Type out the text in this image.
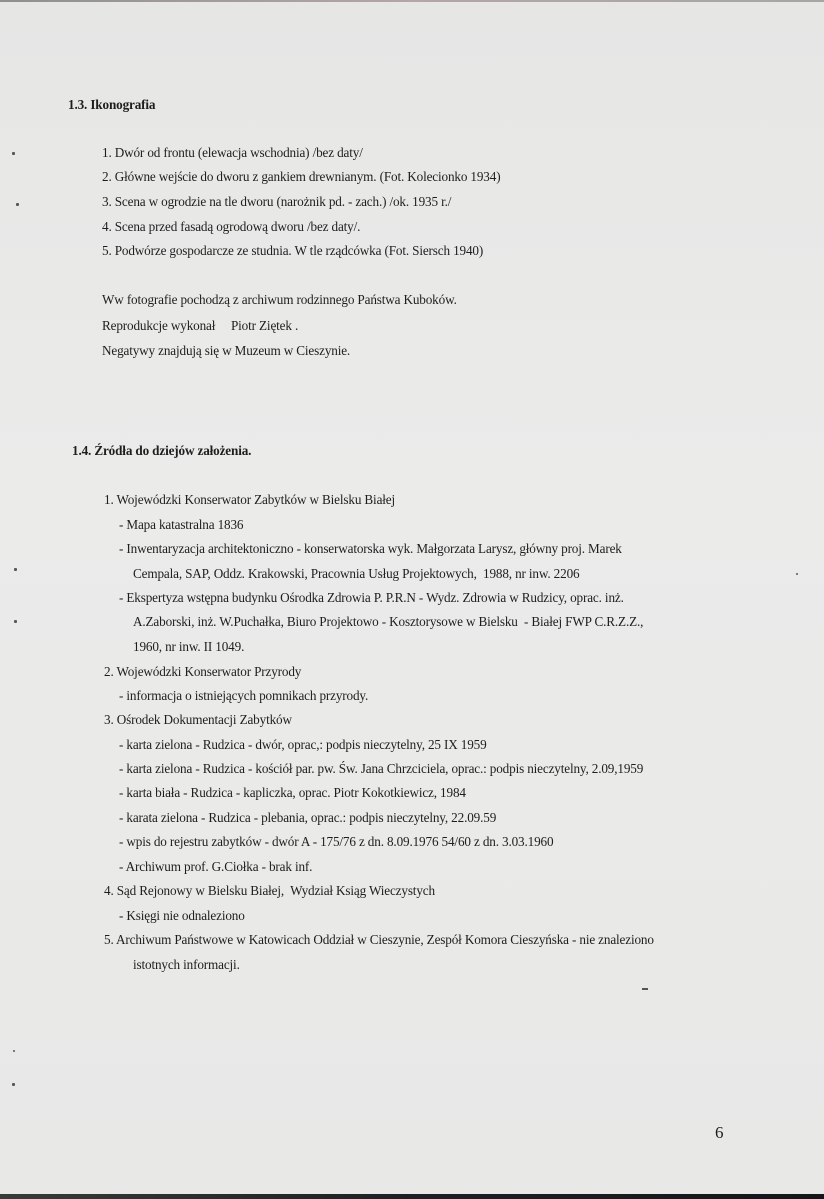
1.3. Ikonografia
1. Dwór od frontu (elewacja wschodnia) /bez daty/
2. Główne wejście do dworu z gankiem drewnianym. (Fot. Kolecionko 1934)
3. Scena w ogrodzie na tle dworu (narożnik pd. - zach.) /ok. 1935 r./
4. Scena przed fasadą ogrodową dworu /bez daty/.
5. Podwórze gospodarcze ze studnia. W tle rządcówka (Fot. Siersch 1940)
Ww fotografie pochodzą z archiwum rodzinnego Państwa Kuboków.
Reprodukcje wykonał     Piotr Ziętek .
Negatywy znajdują się w Muzeum w Cieszynie.
1.4. Źródła do dziejów założenia.
1. Wojewódzki Konserwator Zabytków w Bielsku Białej
- Mapa katastralna 1836
- Inwentaryzacja architektoniczno - konserwatorska wyk. Małgorzata Larysz, główny proj. Marek
Cempala, SAP, Oddz. Krakowski, Pracownia Usług Projektowych,  1988, nr inw. 2206
- Ekspertyza wstępna budynku Ośrodka Zdrowia P. P.R.N - Wydz. Zdrowia w Rudzicy, oprac. inż.
A.Zaborski, inż. W.Puchałka, Biuro Projektowo - Kosztorysowe w Bielsku  - Białej FWP C.R.Z.Z.,
1960, nr inw. II 1049.
2. Wojewódzki Konserwator Przyrody
- informacja o istniejących pomnikach przyrody.
3. Ośrodek Dokumentacji Zabytków
- karta zielona - Rudzica - dwór, oprac,: podpis nieczytelny, 25 IX 1959
- karta zielona - Rudzica - kościół par. pw. Św. Jana Chrzciciela, oprac.: podpis nieczytelny, 2.09,1959
- karta biała - Rudzica - kapliczka, oprac. Piotr Kokotkiewicz, 1984
- karata zielona - Rudzica - plebania, oprac.: podpis nieczytelny, 22.09.59
- wpis do rejestru zabytków - dwór A - 175/76 z dn. 8.09.1976 54/60 z dn. 3.03.1960
- Archiwum prof. G.Ciołka - brak inf.
4. Sąd Rejonowy w Bielsku Białej,  Wydział Ksiąg Wieczystych
- Księgi nie odnaleziono
5. Archiwum Państwowe w Katowicach Oddział w Cieszynie, Zespół Komora Cieszyńska - nie znaleziono
istotnych informacji.
6
